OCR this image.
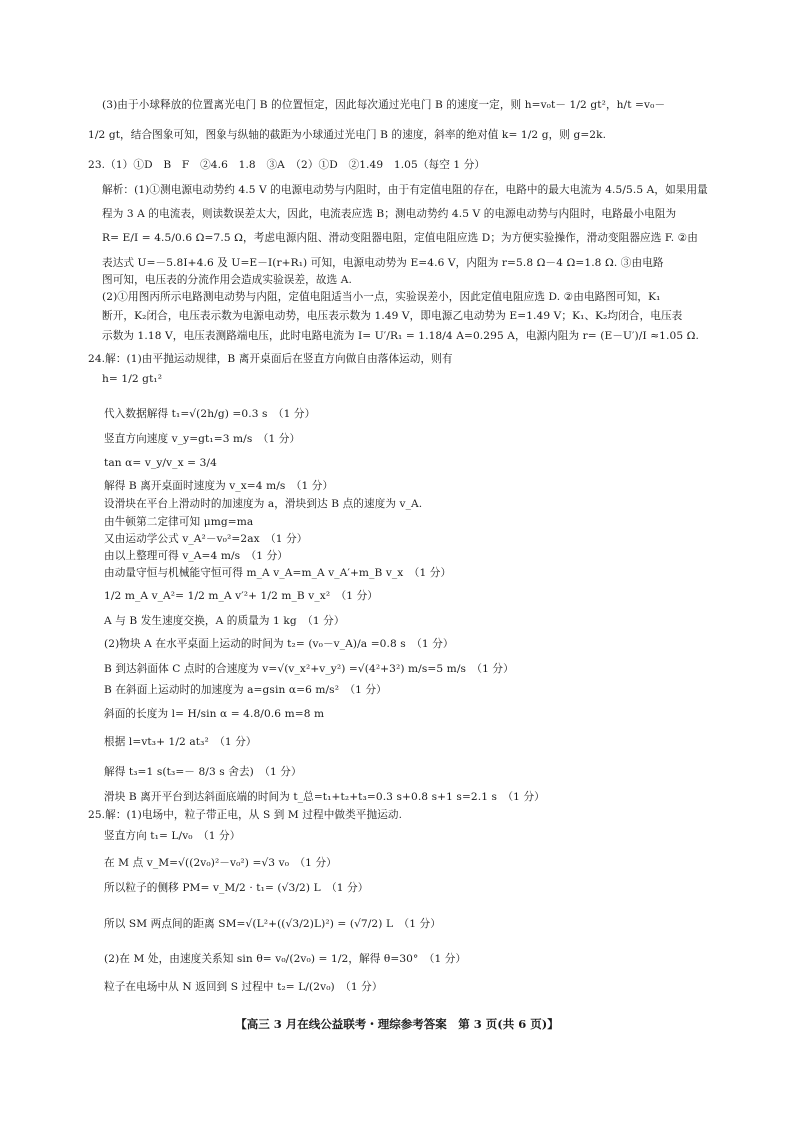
(3)由于小球释放的位置离光电门 B 的位置恒定，因此每次通过光电门 B 的速度一定，则 h=v₀t－ 1/2 gt²，h/t =v₀－
1/2 gt，结合图象可知，图象与纵轴的截距为小球通过光电门 B 的速度，斜率的绝对值 k= 1/2 g，则 g=2k.
23.（1）①D　B　F　②4.6　1.8　③A　（2）①D　②1.49　1.05（每空 1 分）
解析：(1)①测电源电动势约 4.5 V 的电源电动势与内阻时，由于有定值电阻的存在，电路中的最大电流为 4.5/5.5 A，如果用量
程为 3 A 的电流表，则读数误差太大，因此，电流表应选 B；测电动势约 4.5 V 的电源电动势与内阻时，电路最小电阻为
R= E/I = 4.5/0.6 Ω=7.5 Ω，考虑电源内阻、滑动变阻器电阻，定值电阻应选 D；为方便实验操作，滑动变阻器应选 F. ②由
表达式 U=－5.8I+4.6 及 U=E－I(r+R₁) 可知，电源电动势为 E=4.6 V，内阻为 r=5.8 Ω－4 Ω=1.8 Ω. ③由电路
图可知，电压表的分流作用会造成实验误差，故选 A.
(2)①用图丙所示电路测电动势与内阻，定值电阻适当小一点，实验误差小，因此定值电阻应选 D. ②由电路图可知，K₁
断开，K₂闭合，电压表示数为电源电动势，电压表示数为 1.49 V，即电源乙电动势为 E=1.49 V；K₁、K₂均闭合，电压表
示数为 1.18 V，电压表测路端电压，此时电路电流为 I= U′/R₁ = 1.18/4 A=0.295 A，电源内阻为 r= (E－U′)/I ≈1.05 Ω.
24.解：(1)由平抛运动规律，B 离开桌面后在竖直方向做自由落体运动，则有
h= 1/2 gt₁²
代入数据解得 t₁=√(2h/g) =0.3 s　（1 分）
竖直方向速度 v_y=gt₁=3 m/s　（1 分）
tan α= v_y/v_x = 3/4
解得 B 离开桌面时速度为 v_x=4 m/s　（1 分）
设滑块在平台上滑动时的加速度为 a，滑块到达 B 点的速度为 v_A.
由牛顿第二定律可知 μmg=ma
又由运动学公式 v_A²－v₀²=2ax　（1 分）
由以上整理可得 v_A=4 m/s　（1 分）
由动量守恒与机械能守恒可得 m_A v_A=m_A v_A′+m_B v_x　（1 分）
1/2 m_A v_A²= 1/2 m_A v′²+ 1/2 m_B v_x²　（1 分）
A 与 B 发生速度交换，A 的质量为 1 kg　（1 分）
(2)物块 A 在水平桌面上运动的时间为 t₂= (v₀－v_A)/a =0.8 s　（1 分）
B 到达斜面体 C 点时的合速度为 v=√(v_x²+v_y²) =√(4²+3²) m/s=5 m/s　（1 分）
B 在斜面上运动时的加速度为 a=gsin α=6 m/s²　（1 分）
斜面的长度为 l= H/sin α = 4.8/0.6 m=8 m
根据 l=vt₃+ 1/2 at₃²　（1 分）
解得 t₃=1 s(t₃=－ 8/3 s 舍去)　（1 分）
滑块 B 离开平台到达斜面底端的时间为 t_总=t₁+t₂+t₃=0.3 s+0.8 s+1 s=2.1 s　（1 分）
25.解：(1)电场中，粒子带正电，从 S 到 M 过程中做类平抛运动.
竖直方向 t₁= L/v₀　（1 分）
在 M 点 v_M=√((2v₀)²－v₀²) =√3 v₀　（1 分）
所以粒子的侧移 PM= v_M/2 · t₁= (√3/2) L　（1 分）
所以 SM 两点间的距离 SM=√(L²+((√3/2)L)²) = (√7/2) L　（1 分）
(2)在 M 处，由速度关系知 sin θ= v₀/(2v₀) = 1/2，解得 θ=30°　（1 分）
粒子在电场中从 N 返回到 S 过程中 t₂= L/(2v₀)　（1 分）
【高三 3 月在线公益联考・理综参考答案　第 3 页(共 6 页)】
